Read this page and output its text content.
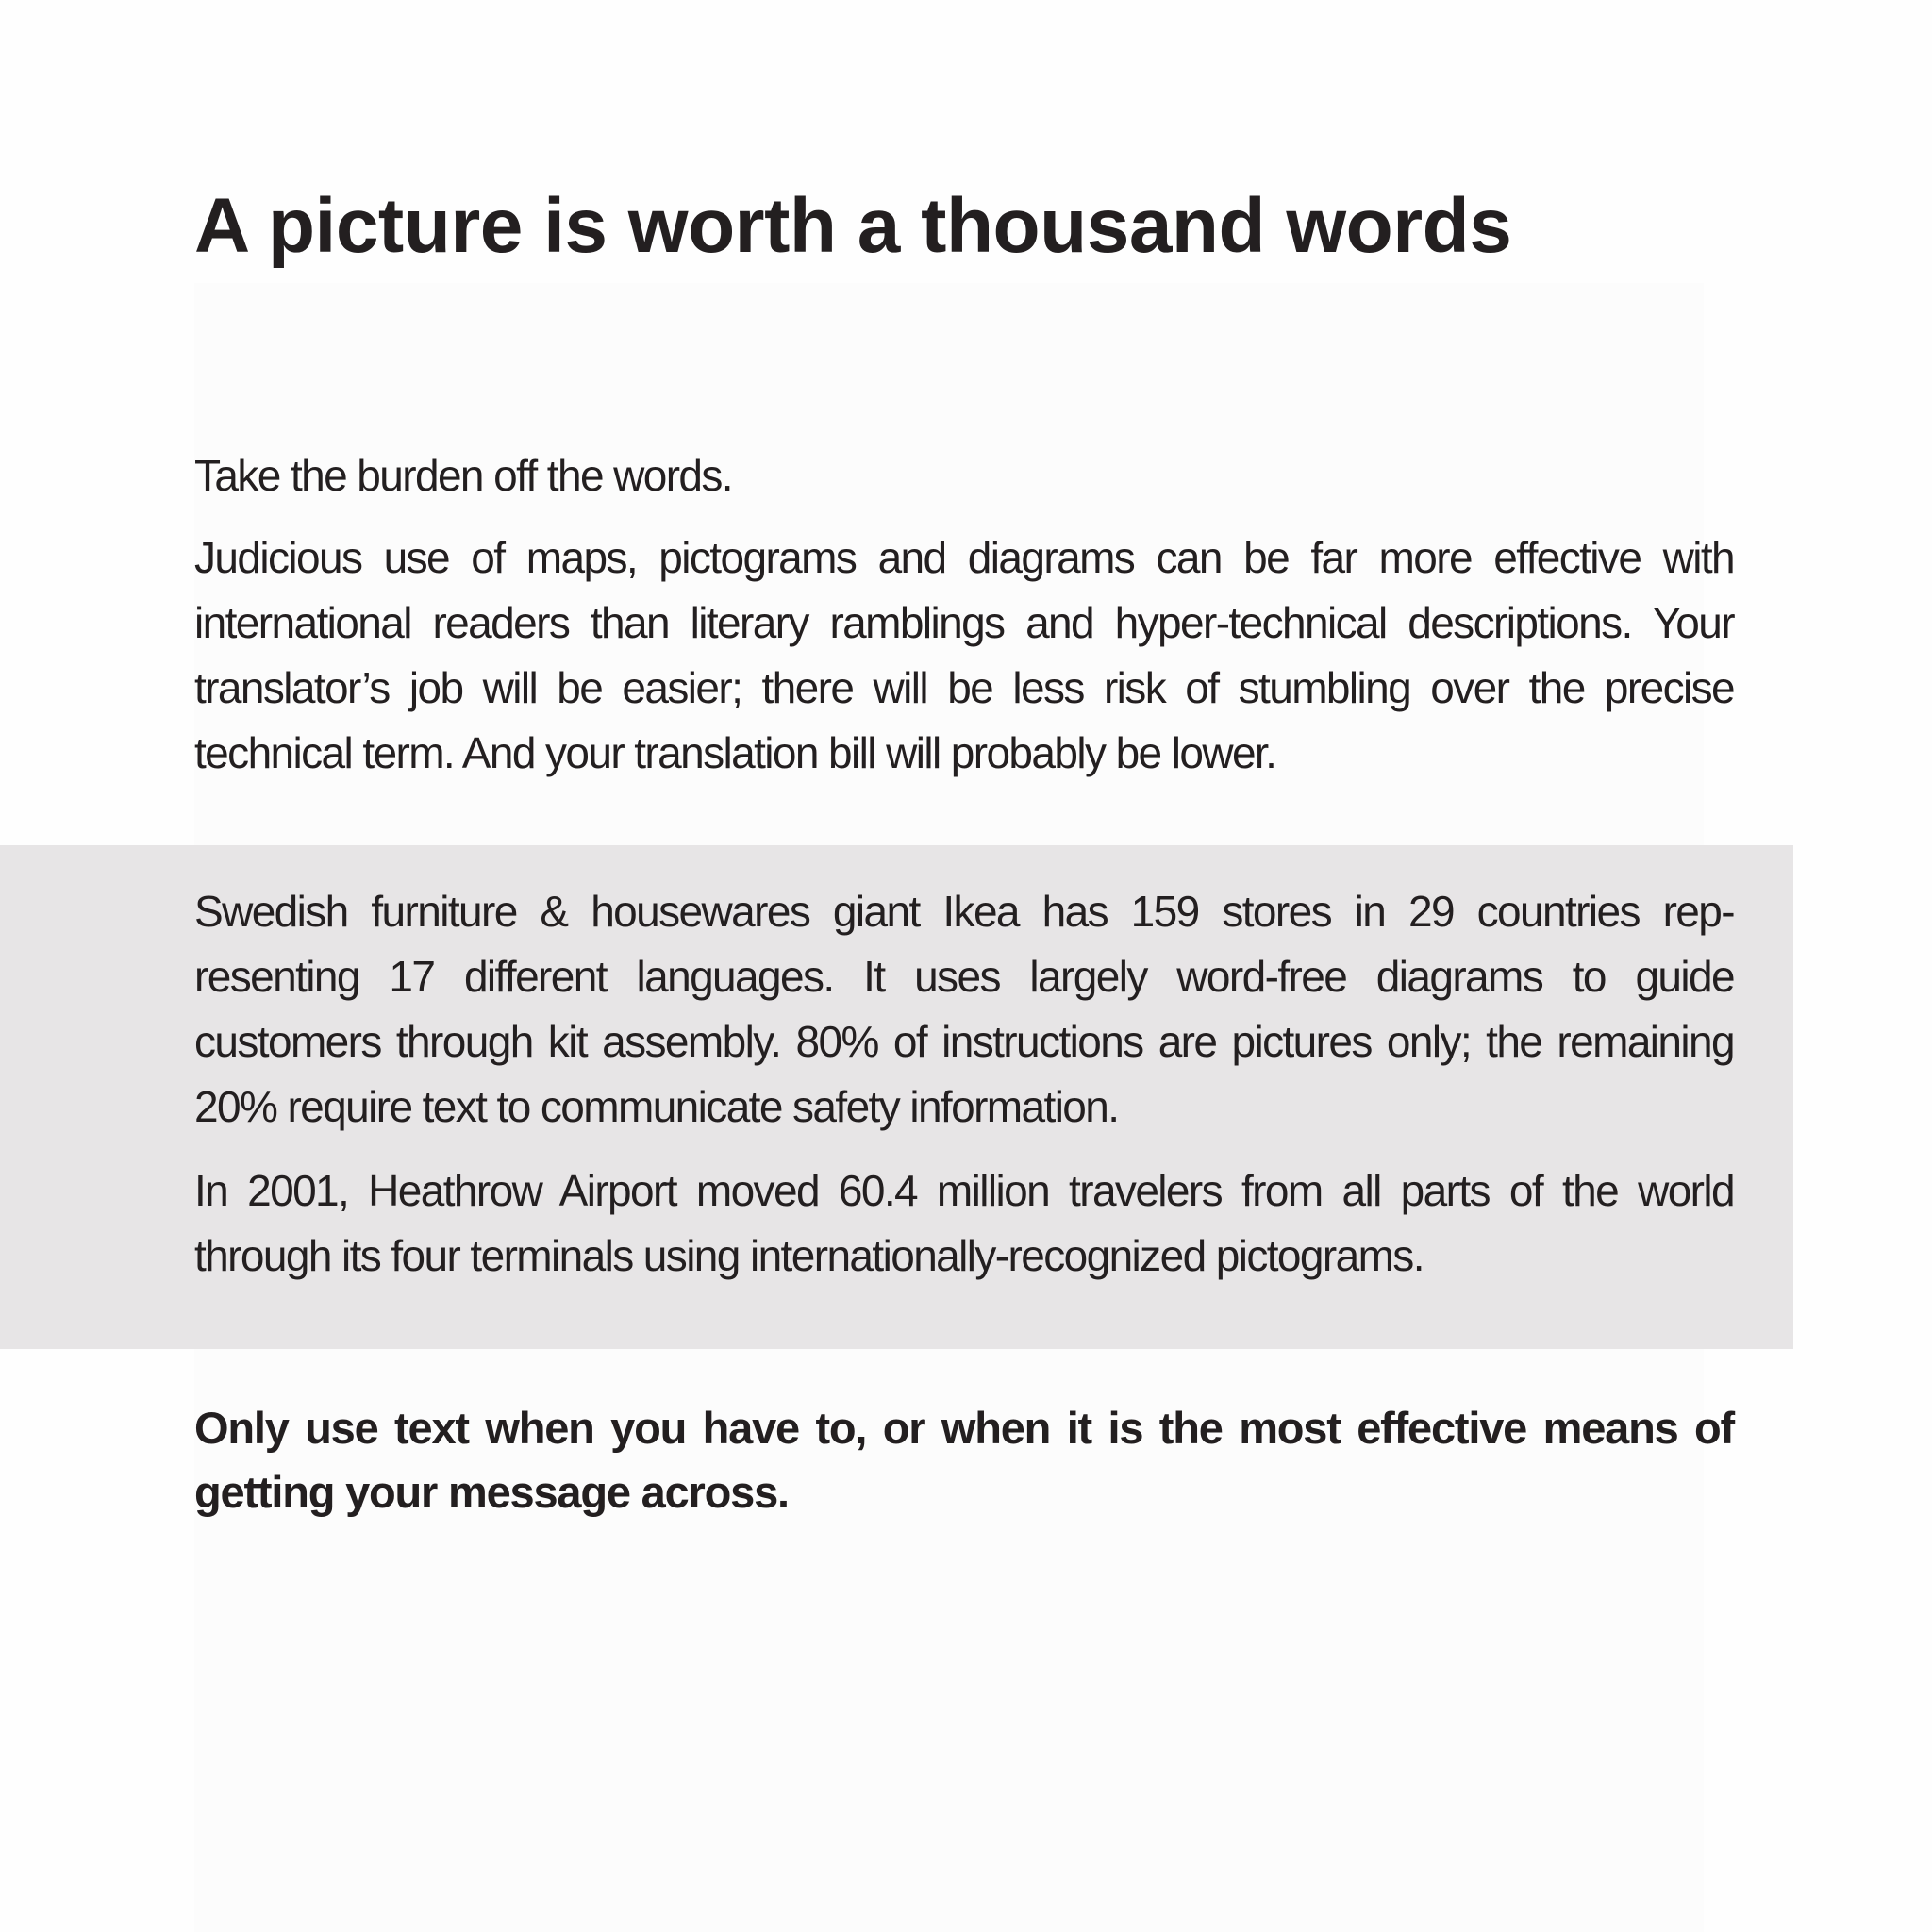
A picture is worth a thousand words

Take the burden off the words.

Judicious use of maps, pictograms and diagrams can be far more effective with international readers than literary ramblings and hyper-technical descriptions. Your translator’s job will be easier; there will be less risk of stumbling over the precise technical term. And your translation bill will probably be lower.

Swedish furniture & housewares giant Ikea has 159 stores in 29 countries rep-resenting 17 different languages. It uses largely word-free diagrams to guide customers through kit assembly. 80% of instructions are pictures only; the remaining 20% require text to communicate safety information.

In 2001, Heathrow Airport moved 60.4 million travelers from all parts of the world through its four terminals using internationally-recognized pictograms.

Only use text when you have to, or when it is the most effective means of getting your message across.
